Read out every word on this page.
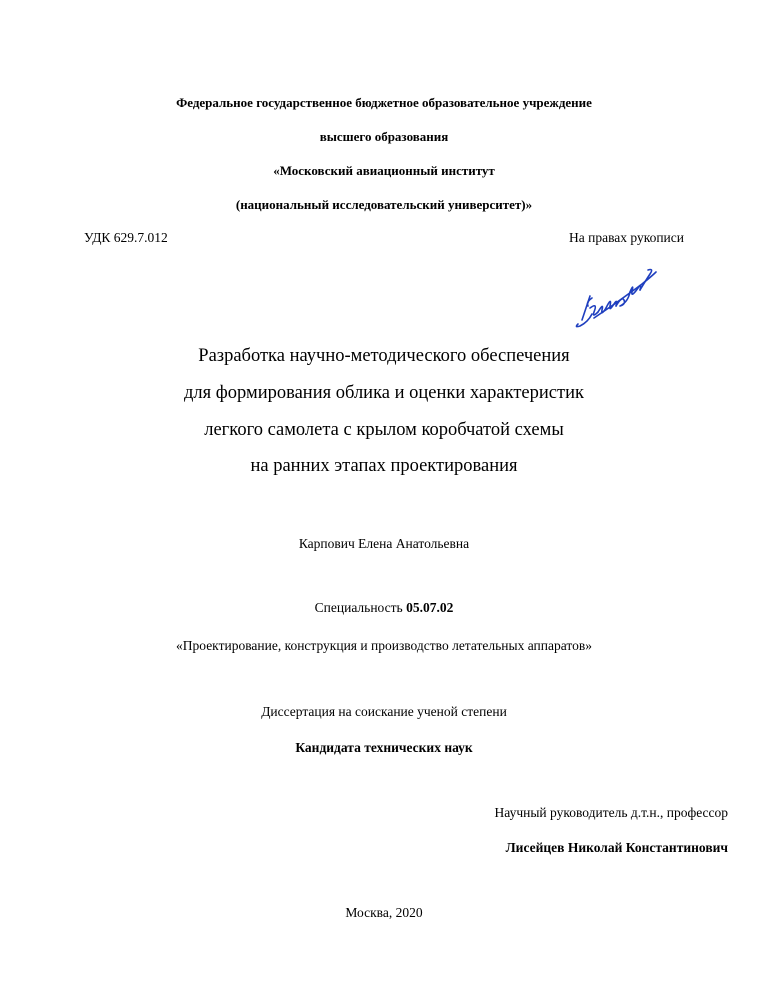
Федеральное государственное бюджетное образовательное учреждение
высшего образования
«Московский авиационный институт
(национальный исследовательский университет)»
УДК 629.7.012	На правах рукописи
Разработка научно-методического обеспечения
для формирования облика и оценки характеристик
легкого самолета с крылом коробчатой схемы
на ранних этапах проектирования
Карпович Елена Анатольевна
Специальность 05.07.02
«Проектирование, конструкция и производство летательных аппаратов»
Диссертация на соискание ученой степени
Кандидата технических наук
Научный руководитель д.т.н., профессор
Лисейцев Николай Константинович
Москва, 2020
